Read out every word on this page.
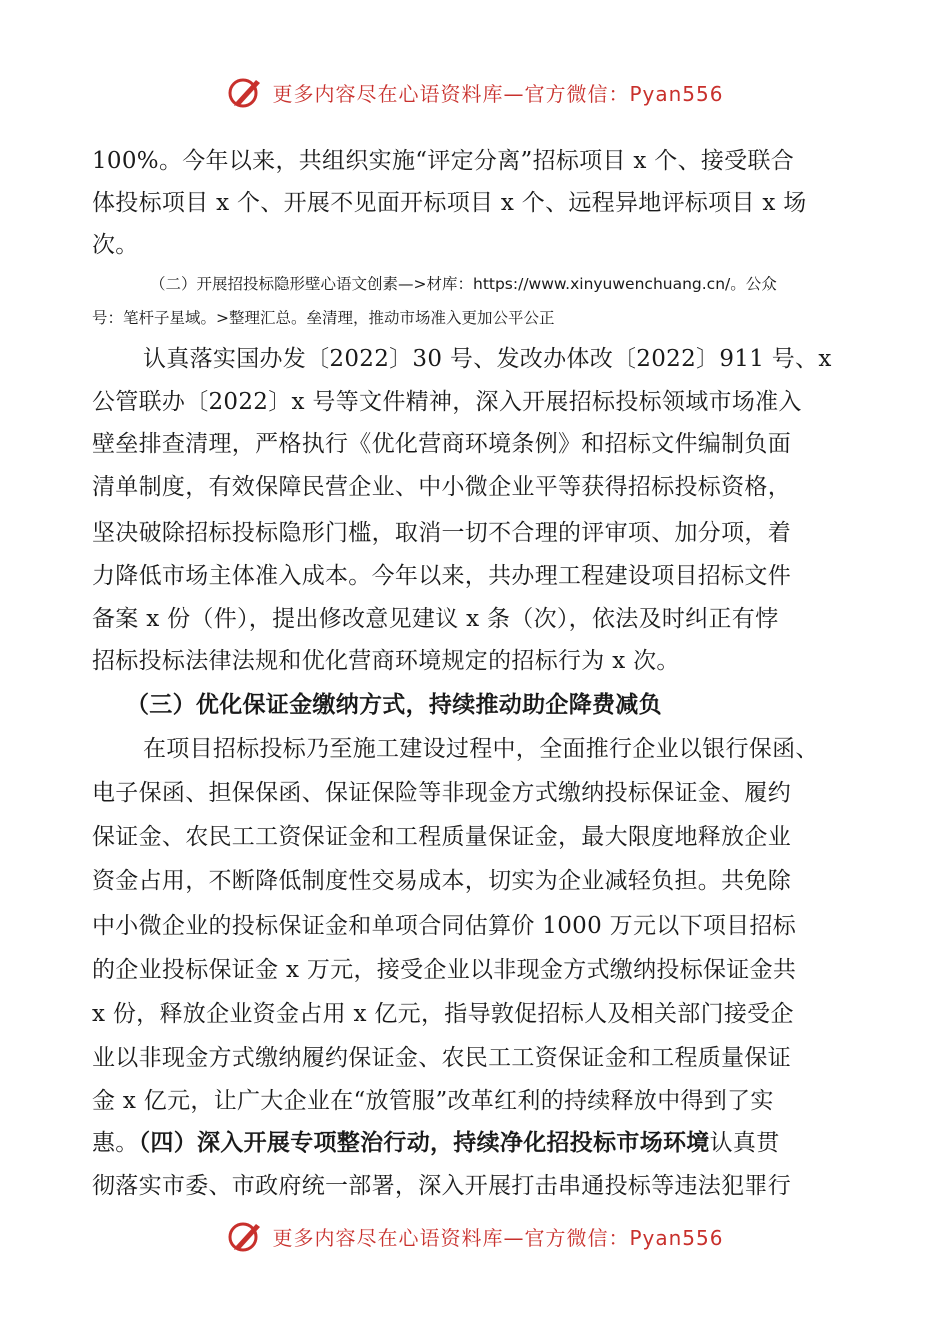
更多内容尽在心语资料库—官方微信：Pyan556
100%。今年以来，共组织实施“评定分离”招标项目 x 个、接受联合
体投标项目 x 个、开展不见面开标项目 x 个、远程异地评标项目 x 场
次。
（二）开展招投标隐形壁心语文创素—>材库：https://www.xinyuwenchuang.cn/。公众
号：笔杆子星域。>整理汇总。垒清理，推动市场准入更加公平公正
认真落实国办发〔2022〕30 号、发改办体改〔2022〕911 号、x
公管联办〔2022〕x 号等文件精神，深入开展招标投标领域市场准入
壁垒排查清理，严格执行《优化营商环境条例》和招标文件编制负面
清单制度，有效保障民营企业、中小微企业平等获得招标投标资格，
坚决破除招标投标隐形门槛，取消一切不合理的评审项、加分项，着
力降低市场主体准入成本。今年以来，共办理工程建设项目招标文件
备案 x 份（件），提出修改意见建议 x 条（次），依法及时纠正有悖
招标投标法律法规和优化营商环境规定的招标行为 x 次。
（三）优化保证金缴纳方式，持续推动助企降费减负
在项目招标投标乃至施工建设过程中，全面推行企业以银行保函、
电子保函、担保保函、保证保险等非现金方式缴纳投标保证金、履约
保证金、农民工工资保证金和工程质量保证金，最大限度地释放企业
资金占用，不断降低制度性交易成本，切实为企业减轻负担。共免除
中小微企业的投标保证金和单项合同估算价 1000 万元以下项目招标
的企业投标保证金 x 万元，接受企业以非现金方式缴纳投标保证金共
x 份，释放企业资金占用 x 亿元，指导敦促招标人及相关部门接受企
业以非现金方式缴纳履约保证金、农民工工资保证金和工程质量保证
金 x 亿元，让广大企业在“放管服”改革红利的持续释放中得到了实
惠。（四）深入开展专项整治行动，持续净化招投标市场环境认真贯
彻落实市委、市政府统一部署，深入开展打击串通投标等违法犯罪行
更多内容尽在心语资料库—官方微信：Pyan556
